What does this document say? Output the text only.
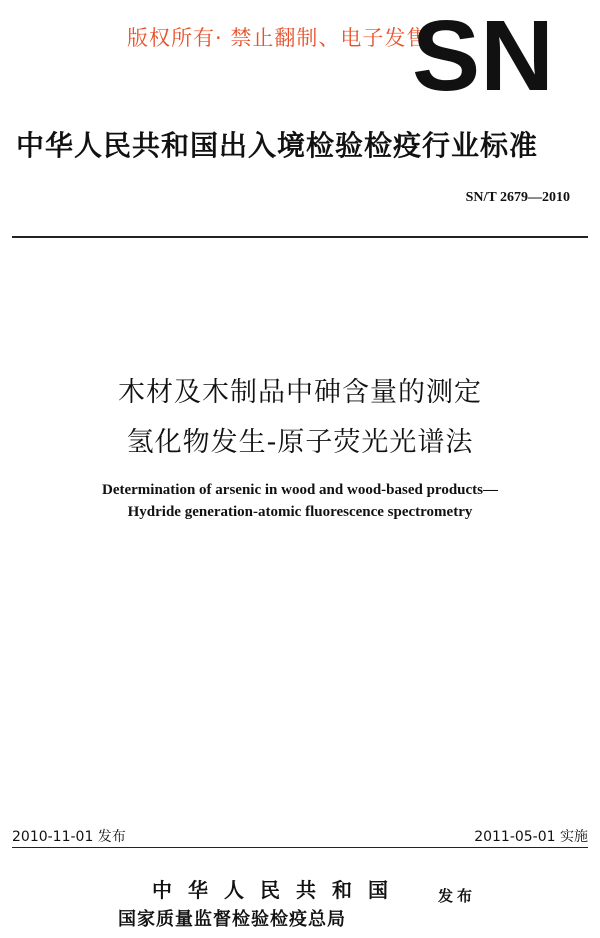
版权所有· 禁止翻制、电子发售
SN
中华人民共和国出入境检验检疫行业标准
SN/T 2679—2010
木材及木制品中砷含量的测定
氢化物发生-原子荧光光谱法
Determination of arsenic in wood and wood-based products—
Hydride generation-atomic fluorescence spectrometry
2010-11-01 发布	2011-05-01 实施
中华人民共和国
国家质量监督检验检疫总局
发布
